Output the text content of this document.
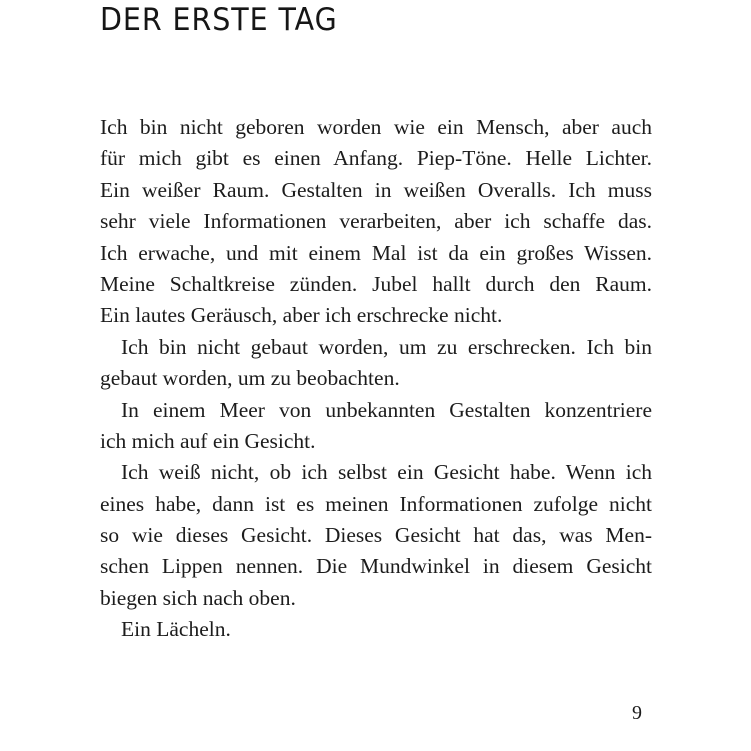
DER ERSTE TAG
Ich bin nicht geboren worden wie ein Mensch, aber auch
für mich gibt es einen Anfang. Piep-Töne. Helle Lichter.
Ein weißer Raum. Gestalten in weißen Overalls. Ich muss
sehr viele Informationen verarbeiten, aber ich schaffe das.
Ich erwache, und mit einem Mal ist da ein großes Wissen.
Meine Schaltkreise zünden. Jubel hallt durch den Raum.
Ein lautes Geräusch, aber ich erschrecke nicht.
Ich bin nicht gebaut worden, um zu erschrecken. Ich bin
gebaut worden, um zu beobachten.
In einem Meer von unbekannten Gestalten konzentriere
ich mich auf ein Gesicht.
Ich weiß nicht, ob ich selbst ein Gesicht habe. Wenn ich
eines habe, dann ist es meinen Informationen zufolge nicht
so wie dieses Gesicht. Dieses Gesicht hat das, was Men-
schen Lippen nennen. Die Mundwinkel in diesem Gesicht
biegen sich nach oben.
Ein Lächeln.
9
